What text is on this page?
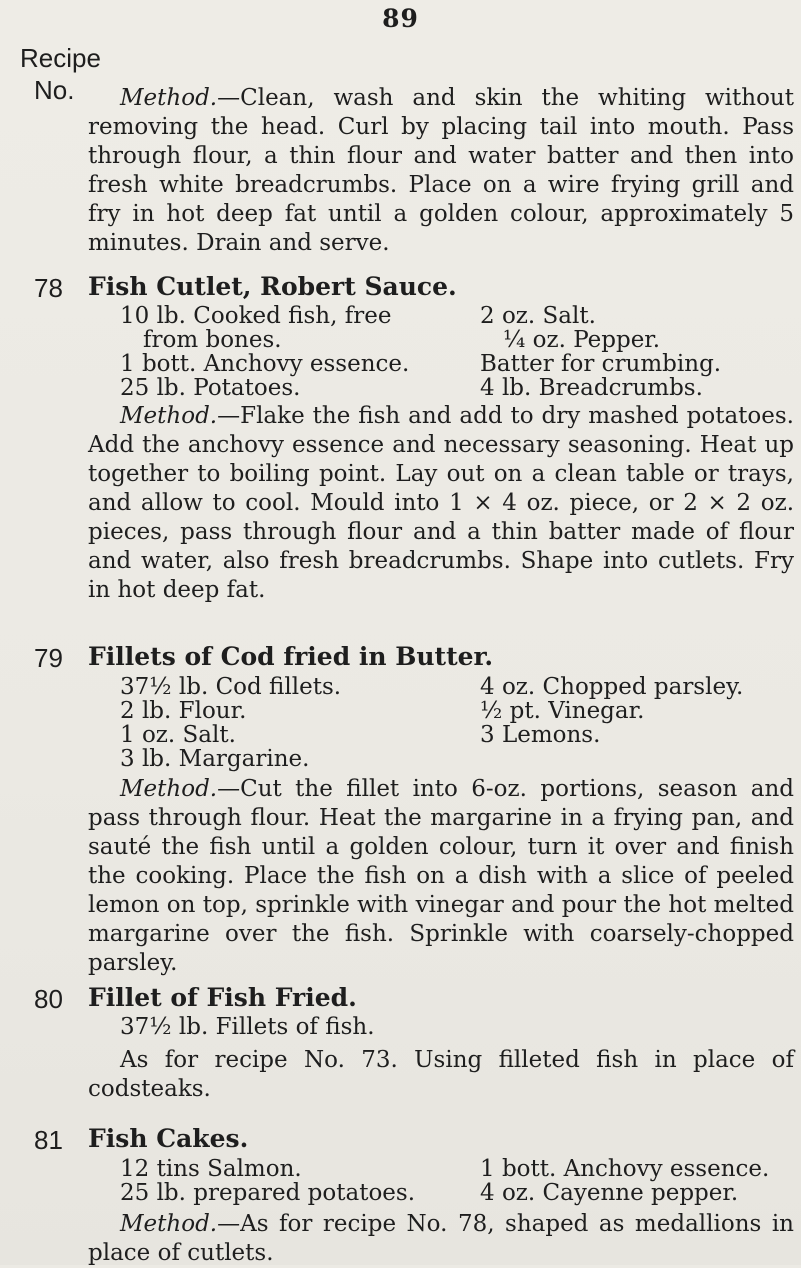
89
Recipe
No.	Method.—Clean, wash and skin the whiting without removing the head. Curl by placing tail into mouth. Pass through flour, a thin flour and water batter and then into fresh white breadcrumbs. Place on a wire frying grill and fry in hot deep fat until a golden colour, approximately 5 minutes. Drain and serve.
78 Fish Cutlet, Robert Sauce.
10 lb. Cooked fish, free	2 oz. Salt.
from bones.	¼ oz. Pepper.
1 bott. Anchovy essence.	Batter for crumbing.
25 lb. Potatoes.	4 lb. Breadcrumbs.
Method.—Flake the fish and add to dry mashed potatoes. Add the anchovy essence and necessary seasoning. Heat up together to boiling point. Lay out on a clean table or trays, and allow to cool. Mould into 1 × 4 oz. piece, or 2 × 2 oz. pieces, pass through flour and a thin batter made of flour and water, also fresh breadcrumbs. Shape into cutlets. Fry in hot deep fat.
79 Fillets of Cod fried in Butter.
37½ lb. Cod fillets.	4 oz. Chopped parsley.
2 lb. Flour.	½ pt. Vinegar.
1 oz. Salt.	3 Lemons.
3 lb. Margarine.
Method.—Cut the fillet into 6-oz. portions, season and pass through flour. Heat the margarine in a frying pan, and sauté the fish until a golden colour, turn it over and finish the cooking. Place the fish on a dish with a slice of peeled lemon on top, sprinkle with vinegar and pour the hot melted margarine over the fish. Sprinkle with coarsely-chopped parsley.
80 Fillet of Fish Fried.
37½ lb. Fillets of fish.
As for recipe No. 73. Using filleted fish in place of codsteaks.
81 Fish Cakes.
12 tins Salmon.	1 bott. Anchovy essence.
25 lb. prepared potatoes.	4 oz. Cayenne pepper.
Method.—As for recipe No. 78, shaped as medallions in place of cutlets.
